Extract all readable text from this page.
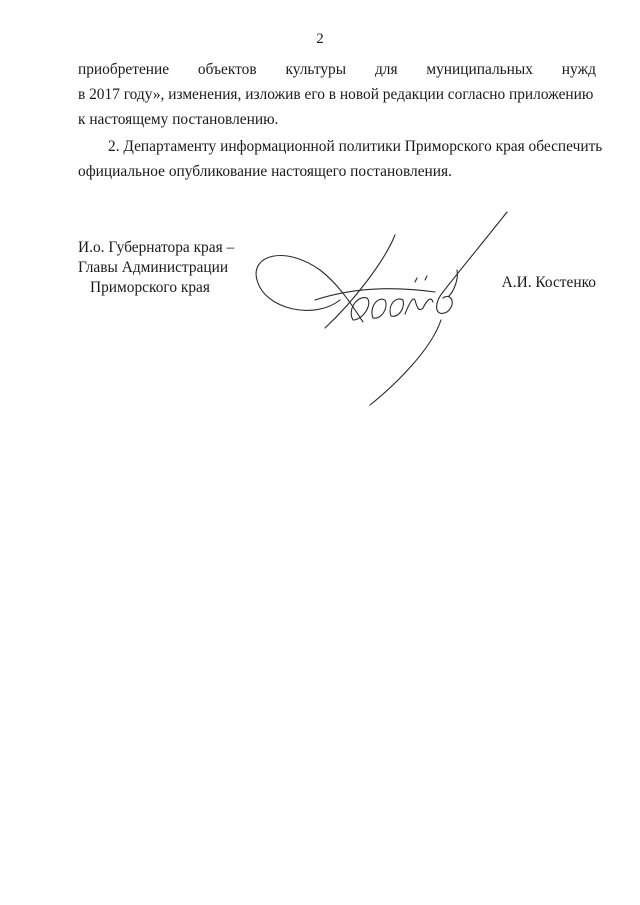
2
приобретение объектов культуры для муниципальных нужд
в 2017 году», изменения, изложив его в новой редакции согласно приложению
к настоящему постановлению.
2. Департаменту информационной политики Приморского края обеспечить
официальное опубликование настоящего постановления.
И.о. Губернатора края –
Главы Администрации
Приморского края	А.И. Костенко
